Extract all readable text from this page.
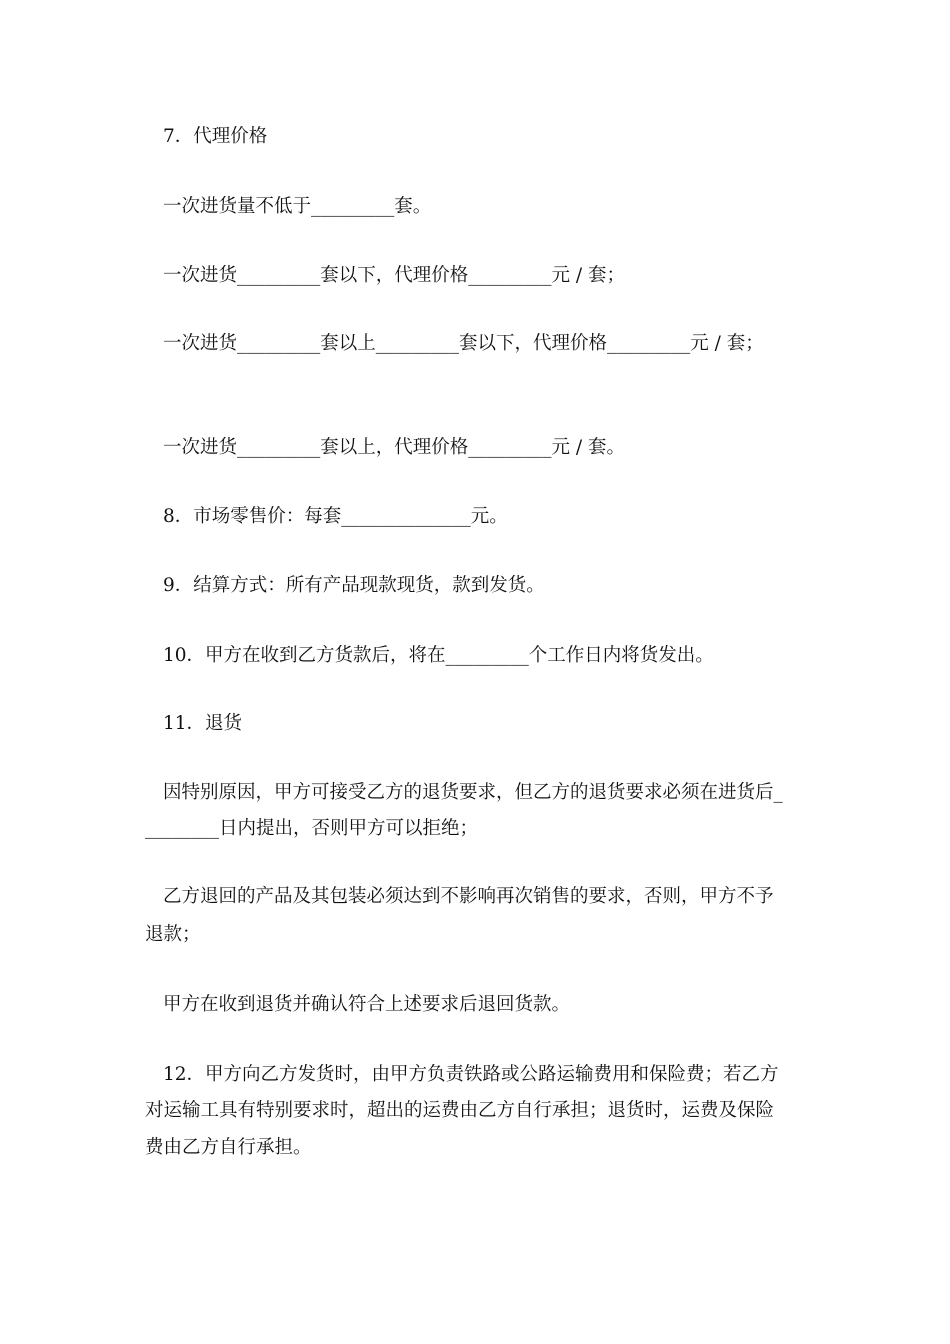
7．代理价格
一次进货量不低于_________套。
一次进货_________套以下，代理价格_________元 / 套；
一次进货_________套以上_________套以下，代理价格_________元 / 套；
一次进货_________套以上，代理价格_________元 / 套。
8．市场零售价：每套______________元。
9．结算方式：所有产品现款现货，款到发货。
10．甲方在收到乙方货款后，将在_________个工作日内将货发出。
11．退货
因特别原因，甲方可接受乙方的退货要求，但乙方的退货要求必须在进货后_
________日内提出，否则甲方可以拒绝；
乙方退回的产品及其包装必须达到不影响再次销售的要求，否则，甲方不予
退款；
甲方在收到退货并确认符合上述要求后退回货款。
12．甲方向乙方发货时，由甲方负责铁路或公路运输费用和保险费；若乙方
对运输工具有特别要求时，超出的运费由乙方自行承担；退货时，运费及保险
费由乙方自行承担。
